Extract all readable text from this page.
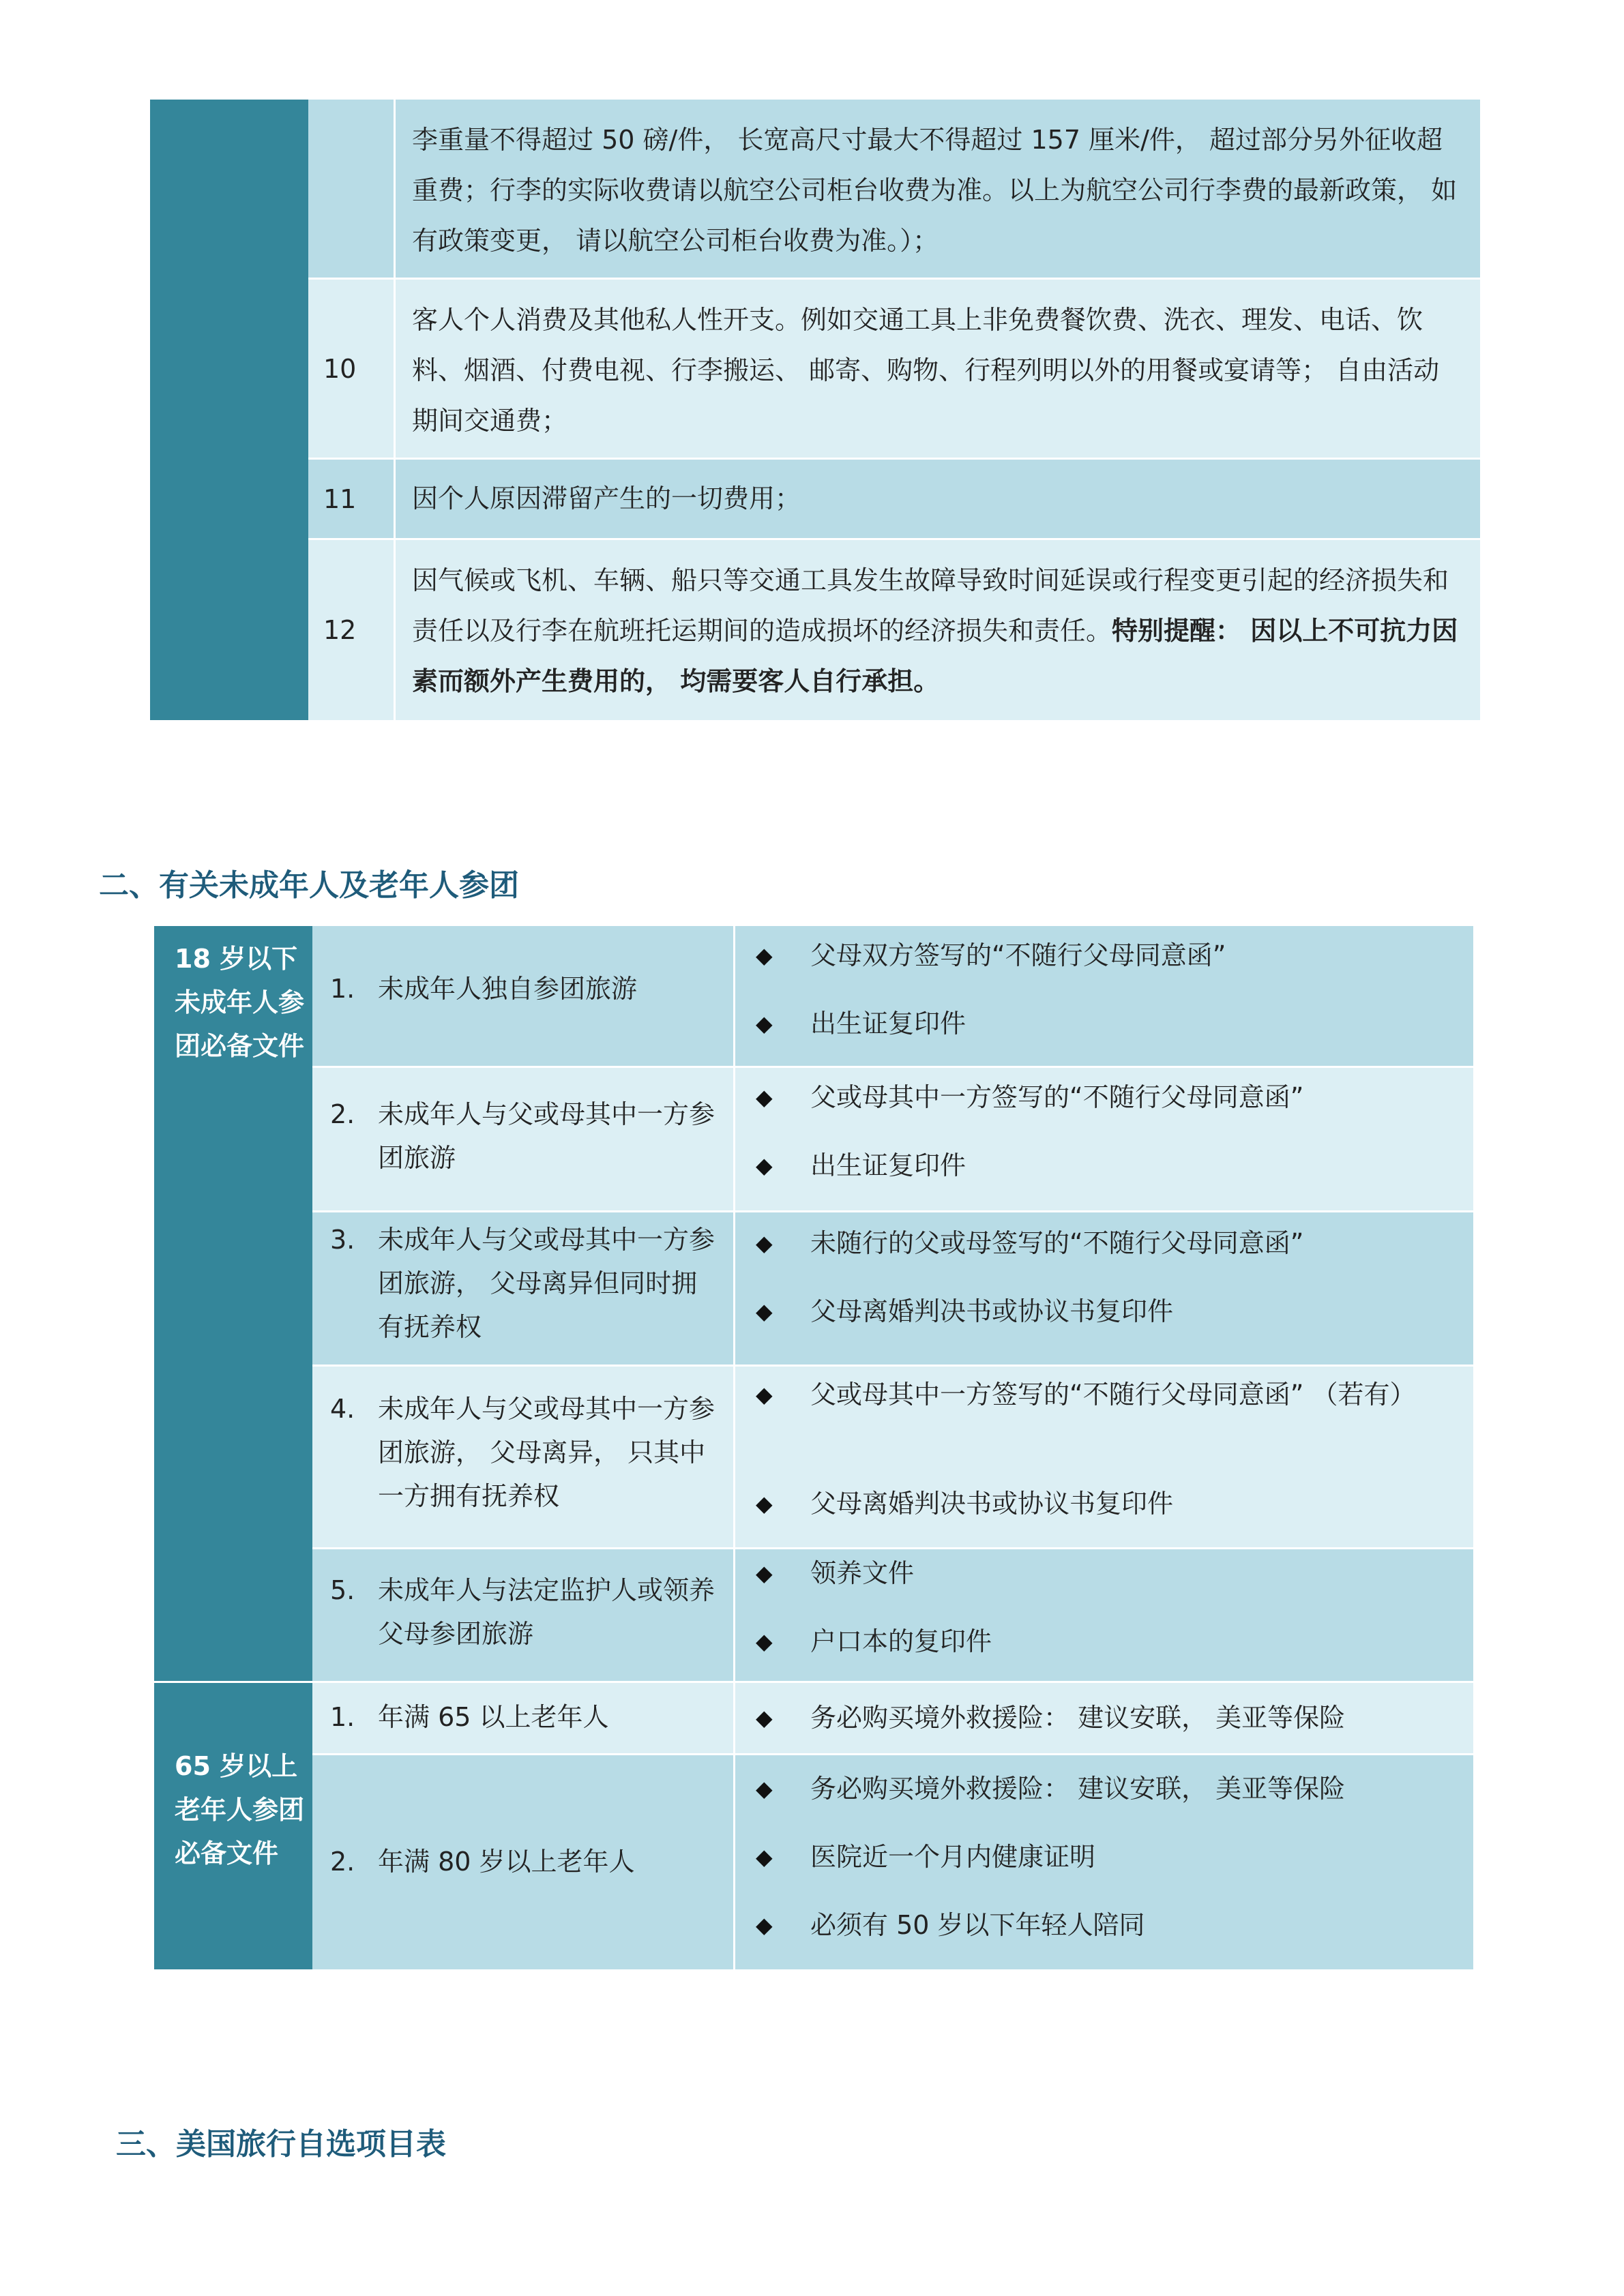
李重量不得超过 50 磅/件， 长宽高尺寸最大不得超过 157 厘米/件， 超过部分另外征收超重费；行李的实际收费请以航空公司柜台收费为准。以上为航空公司行李费的最新政策， 如有政策变更， 请以航空公司柜台收费为准。）；
10
客人个人消费及其他私人性开支。例如交通工具上非免费餐饮费、洗衣、理发、电话、饮料、烟酒、付费电视、行李搬运、 邮寄、购物、行程列明以外的用餐或宴请等； 自由活动期间交通费；
11	因个人原因滞留产生的一切费用；
12
因气候或飞机、车辆、船只等交通工具发生故障导致时间延误或行程变更引起的经济损失和责任以及行李在航班托运期间的造成损坏的经济损失和责任。特别提醒： 因以上不可抗力因素而额外产生费用的， 均需要客人自行承担。
二、有关未成年人及老年人参团
18 岁以下未成年人参团必备文件
65 岁以上老年人参团必备文件
1. 未成年人独自参团旅游
◆ 父母双方签写的“不随行父母同意函”
◆ 出生证复印件
2. 未成年人与父或母其中一方参团旅游
◆ 父或母其中一方签写的“不随行父母同意函”
◆ 出生证复印件
3. 未成年人与父或母其中一方参团旅游， 父母离异但同时拥有抚养权
◆ 未随行的父或母签写的“不随行父母同意函”
◆ 父母离婚判决书或协议书复印件
4. 未成年人与父或母其中一方参团旅游， 父母离异， 只其中一方拥有抚养权
◆ 父或母其中一方签写的“不随行父母同意函” （若有）
◆ 父母离婚判决书或协议书复印件
5. 未成年人与法定监护人或领养父母参团旅游
◆ 领养文件
◆ 户口本的复印件
1. 年满 65 以上老年人	◆ 务必购买境外救援险： 建议安联， 美亚等保险
2. 年满 80 岁以上老年人
◆ 务必购买境外救援险： 建议安联， 美亚等保险
◆ 医院近一个月内健康证明
◆ 必须有 50 岁以下年轻人陪同
三、美国旅行自选项目表
